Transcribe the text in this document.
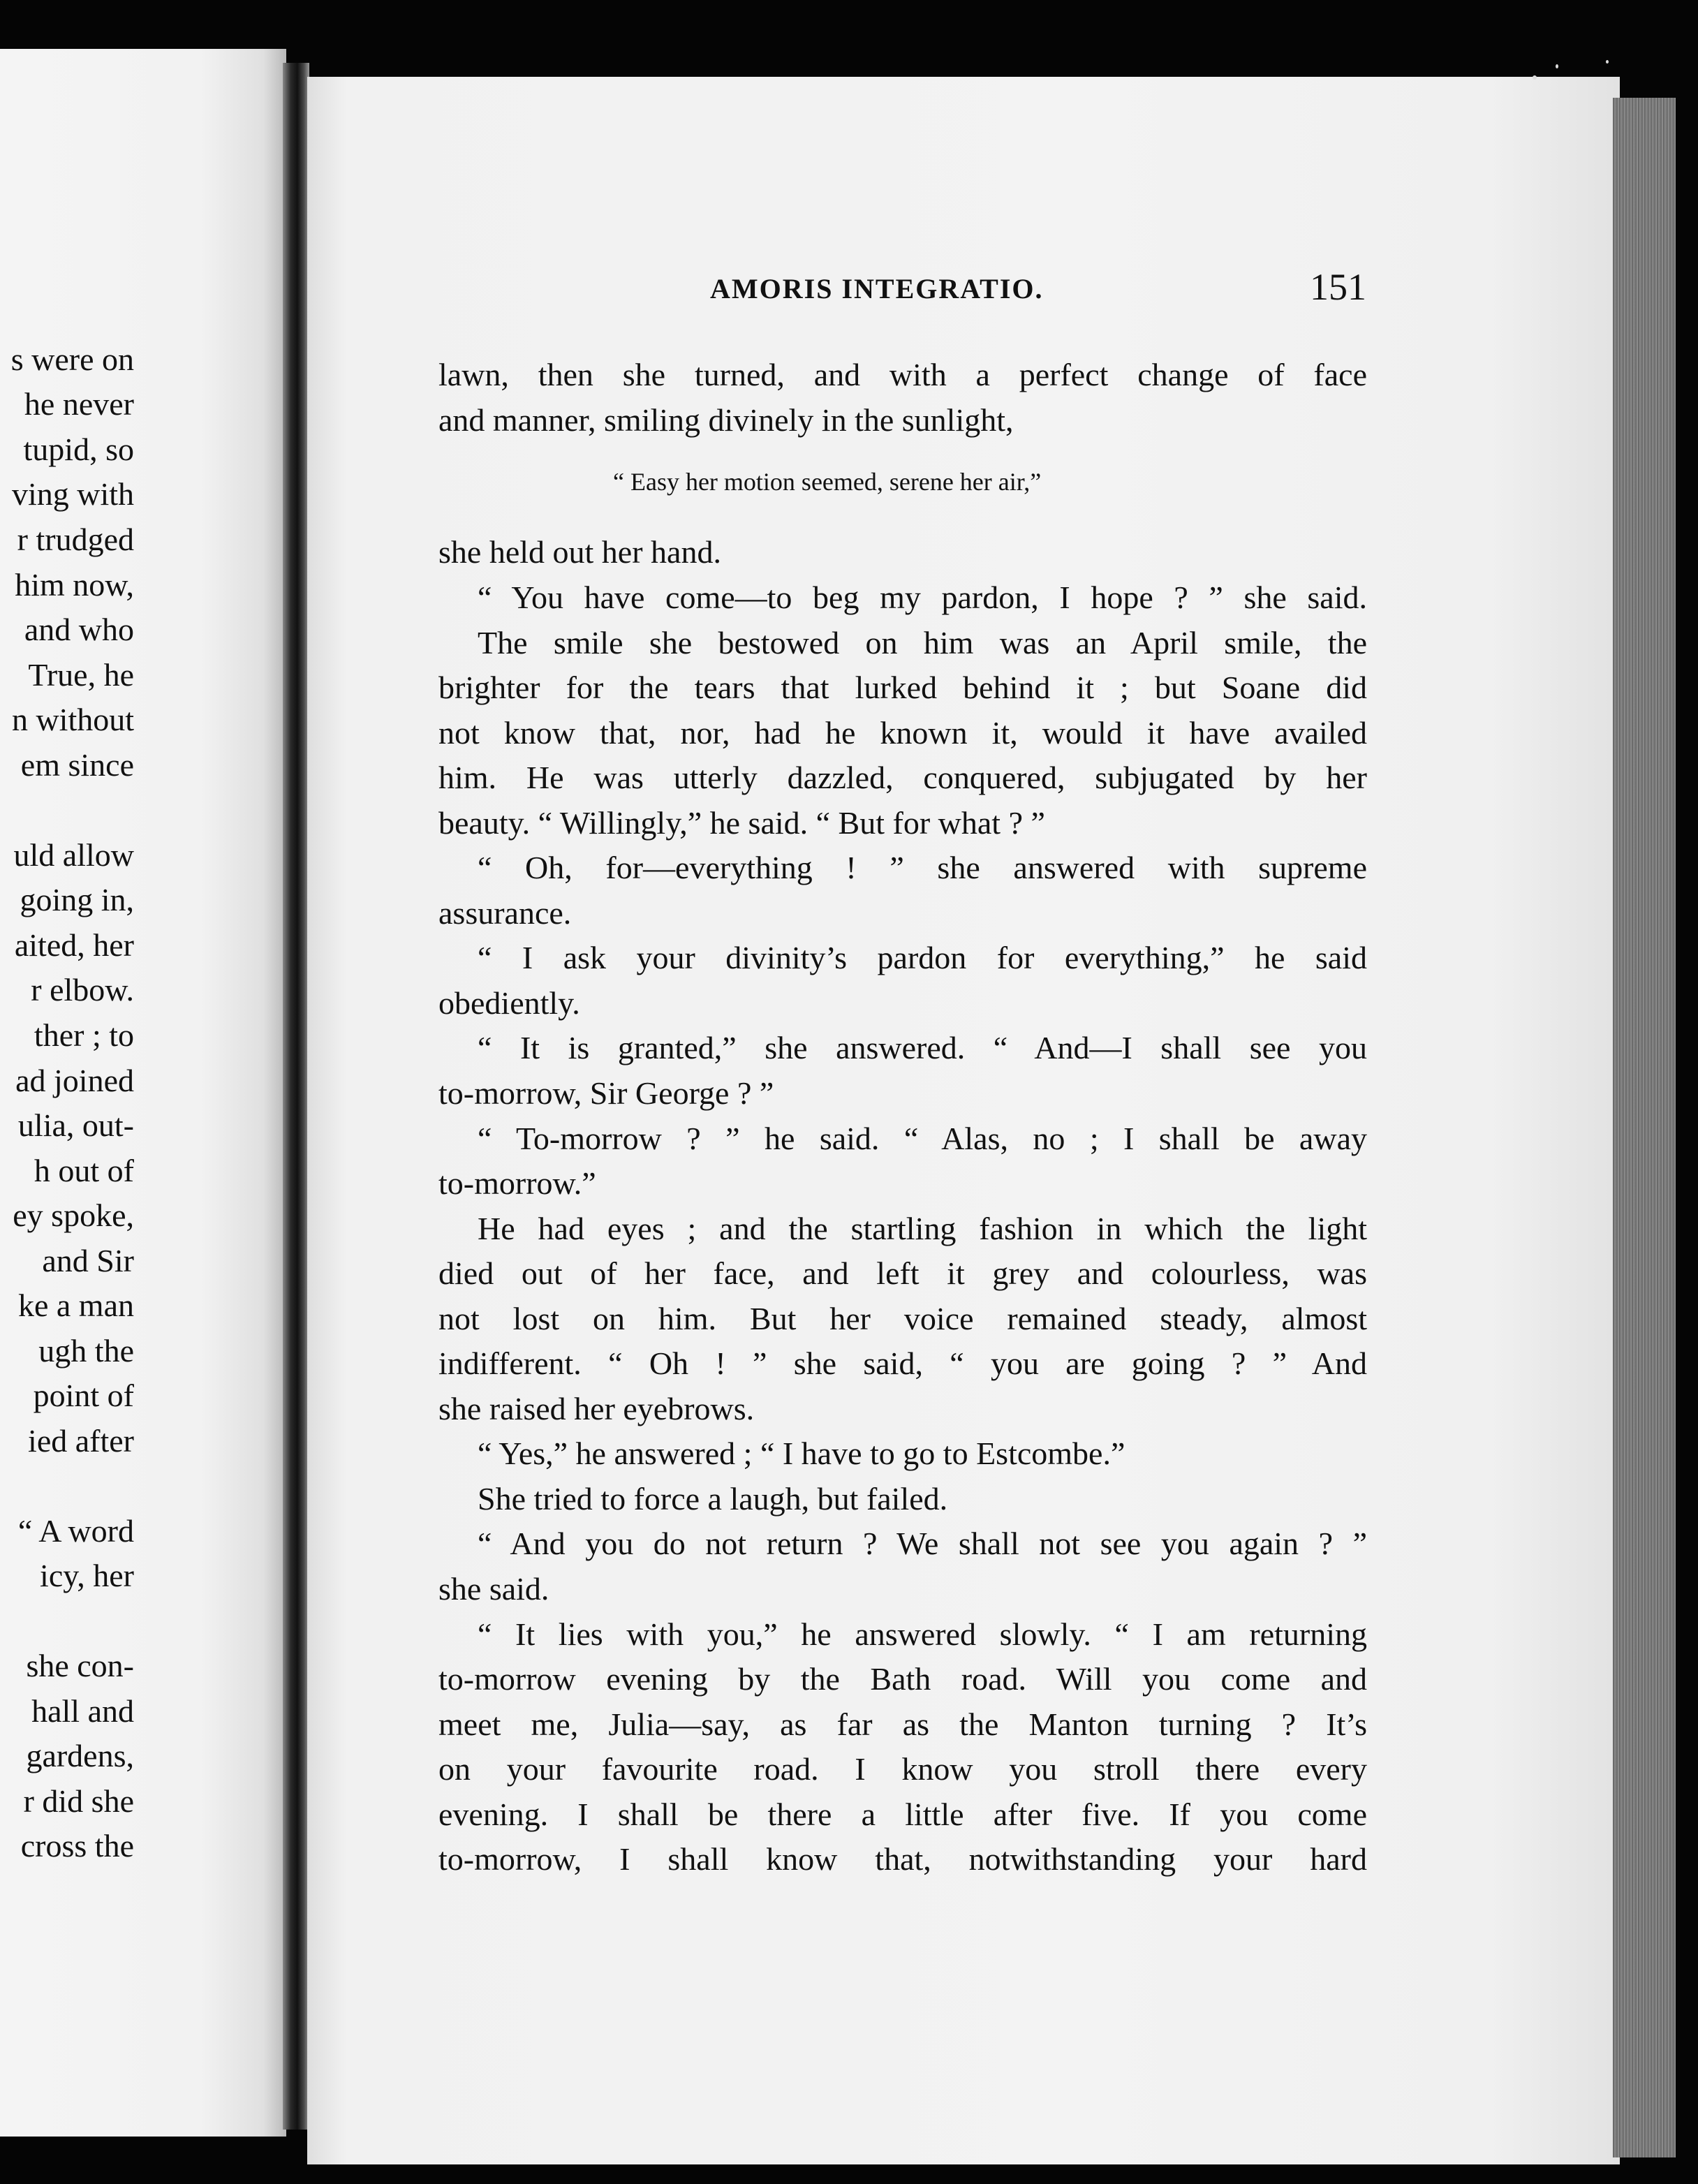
s were on
he never
tupid, so
ving with
r trudged
him now,
and who
True, he
n without
em since
uld allow
going in,
aited, her
r elbow.
ther ; to
ad joined
ulia, out-
h out of
ey spoke,
and Sir
ke a man
ugh the
point of
ied after
“ A word
icy, her
she con-
hall and
gardens,
r did she
cross the
AMORIS INTEGRATIO.	151
lawn, then she turned, and with a perfect change of face
and manner, smiling divinely in the sunlight,
“ Easy her motion seemed, serene her air,”
she held out her hand.
“ You have come—to beg my pardon, I hope ? ” she said.
The smile she bestowed on him was an April smile, the
brighter for the tears that lurked behind it ; but Soane did
not know that, nor, had he known it, would it have availed
him. He was utterly dazzled, conquered, subjugated by her
beauty. “ Willingly,” he said. “ But for what ? ”
“ Oh, for—everything ! ” she answered with supreme
assurance.
“ I ask your divinity’s pardon for everything,” he said
obediently.
“ It is granted,” she answered. “ And—I shall see you
to-morrow, Sir George ? ”
“ To-morrow ? ” he said. “ Alas, no ; I shall be away
to-morrow.”
He had eyes ; and the startling fashion in which the light
died out of her face, and left it grey and colourless, was
not lost on him. But her voice remained steady, almost
indifferent. “ Oh ! ” she said, “ you are going ? ” And
she raised her eyebrows.
“ Yes,” he answered ; “ I have to go to Estcombe.”
She tried to force a laugh, but failed.
“ And you do not return ? We shall not see you again ? ”
she said.
“ It lies with you,” he answered slowly. “ I am returning
to-morrow evening by the Bath road. Will you come and
meet me, Julia—say, as far as the Manton turning ? It’s
on your favourite road. I know you stroll there every
evening. I shall be there a little after five. If you come
to-morrow, I shall know that, notwithstanding your hard
